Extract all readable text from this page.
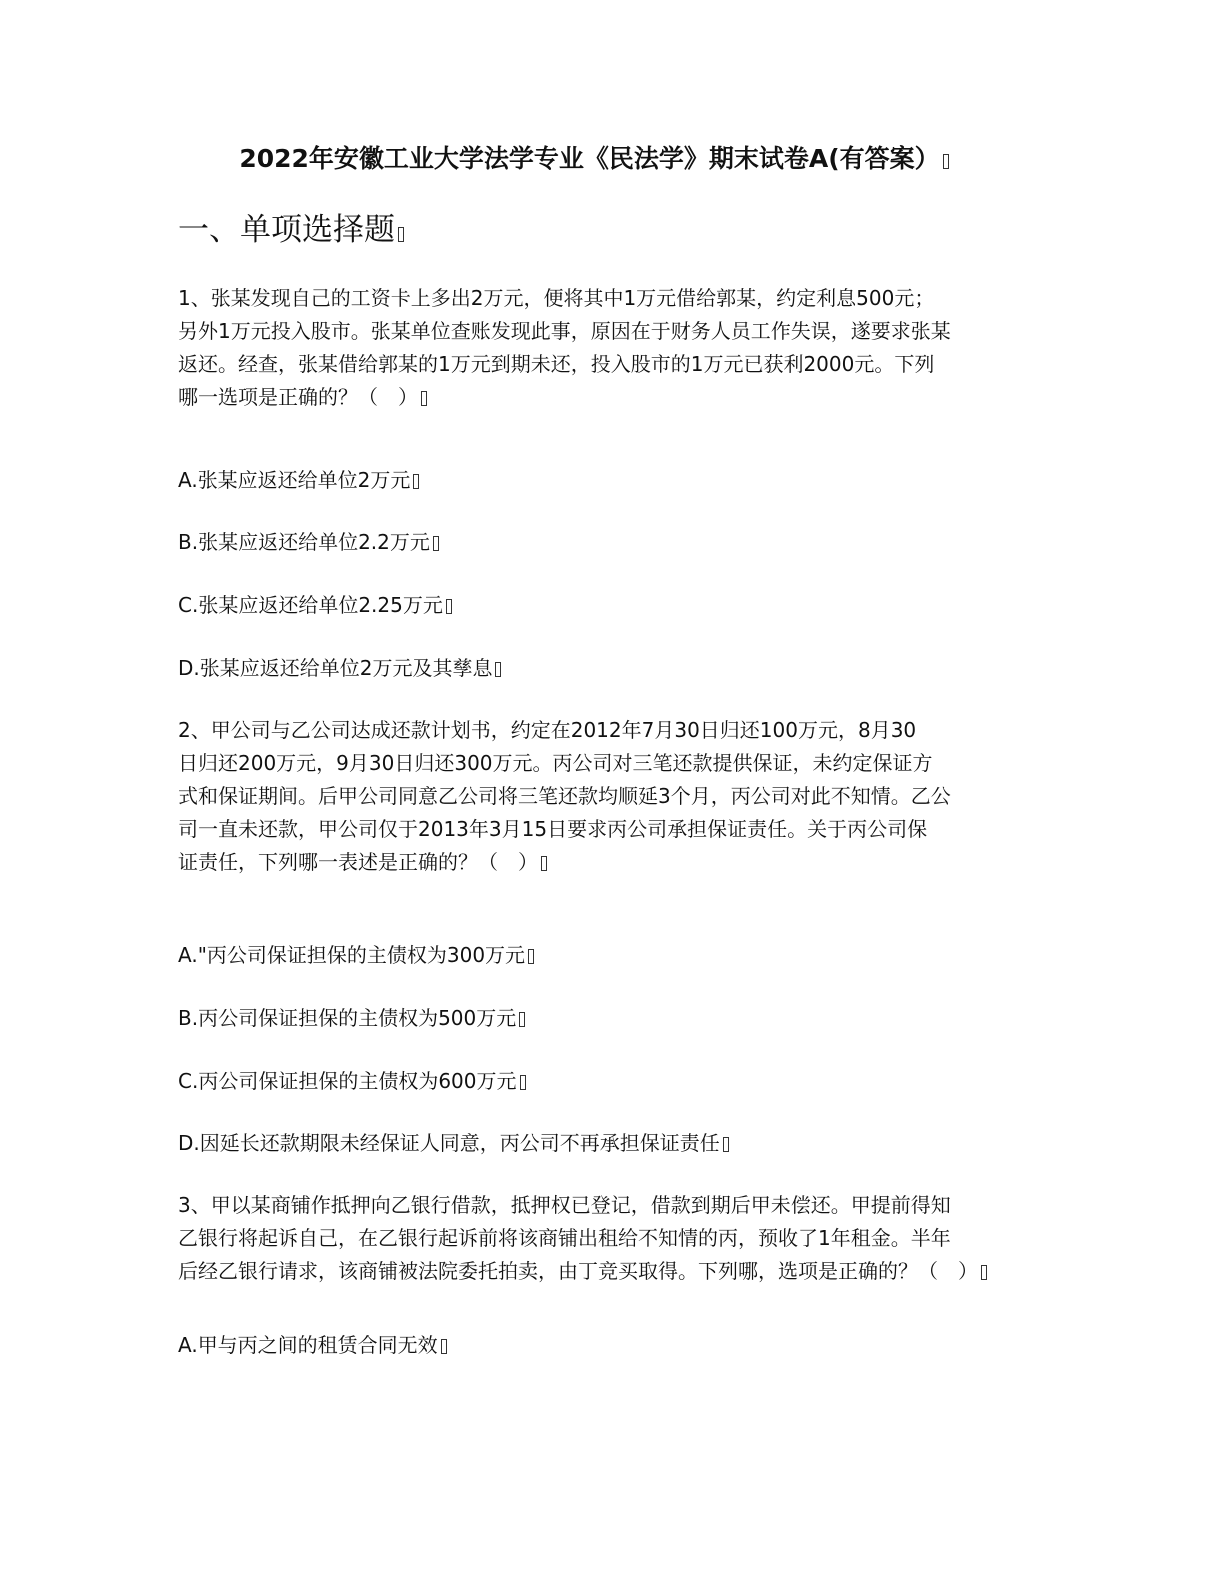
2022年安徽工业大学法学专业《民法学》期末试卷A(有答案）
一、单项选择题
1、张某发现自己的工资卡上多出2万元，便将其中1万元借给郭某，约定利息500元；
另外1万元投入股市。张某单位查账发现此事，原因在于财务人员工作失误，遂要求张某
返还。经查，张某借给郭某的1万元到期未还，投入股市的1万元已获利2000元。下列
哪一选项是正确的？（　）
A.张某应返还给单位2万元
B.张某应返还给单位2.2万元
C.张某应返还给单位2.25万元
D.张某应返还给单位2万元及其孳息
2、甲公司与乙公司达成还款计划书，约定在2012年7月30日归还100万元，8月30
日归还200万元，9月30日归还300万元。丙公司对三笔还款提供保证，未约定保证方
式和保证期间。后甲公司同意乙公司将三笔还款均顺延3个月，丙公司对此不知情。乙公
司一直未还款，甲公司仅于2013年3月15日要求丙公司承担保证责任。关于丙公司保
证责任，下列哪一表述是正确的？（　）
A."丙公司保证担保的主债权为300万元
B.丙公司保证担保的主债权为500万元
C.丙公司保证担保的主债权为600万元
D.因延长还款期限未经保证人同意，丙公司不再承担保证责任
3、甲以某商铺作抵押向乙银行借款，抵押权已登记，借款到期后甲未偿还。甲提前得知
乙银行将起诉自己，在乙银行起诉前将该商铺出租给不知情的丙，预收了1年租金。半年
后经乙银行请求，该商铺被法院委托拍卖，由丁竞买取得。下列哪，选项是正确的？（　）
A.甲与丙之间的租赁合同无效
